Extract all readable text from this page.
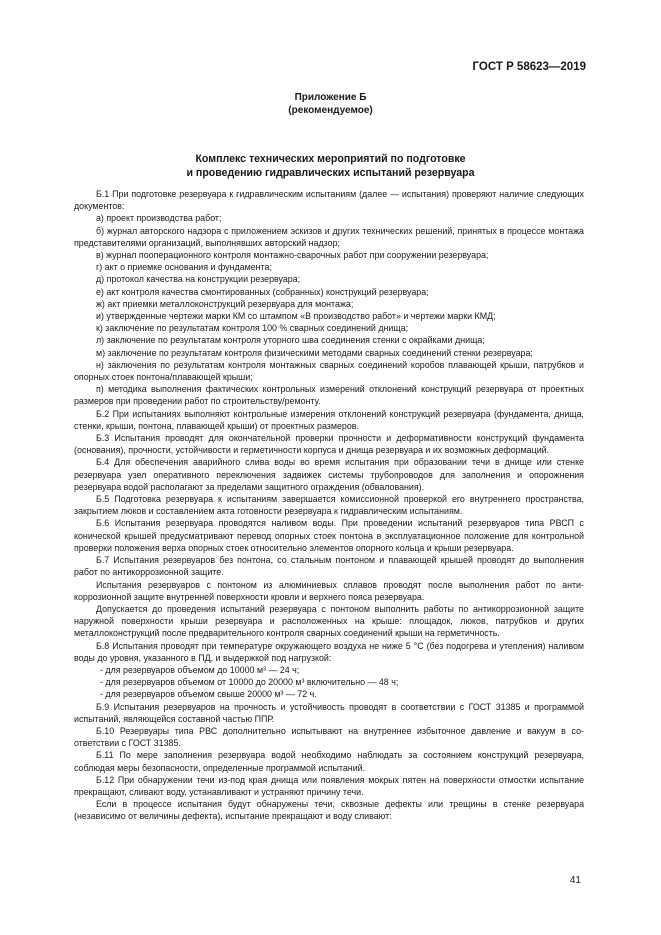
ГОСТ Р 58623—2019
Приложение Б
(рекомендуемое)
Комплекс технических мероприятий по подготовке
и проведению гидравлических испытаний резервуара

Б.1 При подготовке резервуара к гидравлическим испытаниям (далее — испытания) проверяют наличие следующих документов:

а) проект производства работ;

б) журнал авторского надзора с приложением эскизов и других технических решений, принятых в процессе монтажа представителями организаций, выполнявших авторский надзор;

в) журнал пооперационного контроля монтажно-сварочных работ при сооружении резервуара;

г) акт о приемке основания и фундамента;

д) протокол качества на конструкции резервуара;

е) акт контроля качества смонтированных (собранных) конструкций резервуара;

ж) акт приемки металлоконструкций резервуара для монтажа;

и) утвержденные чертежи марки КМ со штампом «В производство работ» и чертежи марки КМД;

к) заключение по результатам контроля 100 % сварных соединений днища;

л) заключение по результатам контроля уторного шва соединения стенки с окрайками днища;

м) заключение по результатам контроля физическими методами сварных соединений стенки резервуара;

н) заключения по результатам контроля монтажных сварных соединений коробов плавающей крыши, патрубков и опорных стоек понтона/плавающей крыши;

п) методика выполнения фактических контрольных измерений отклонений конструкций резервуара от проектных размеров при проведении работ по строительству/ремонту.

Б.2 При испытаниях выполняют контрольные измерения отклонений конструкций резервуара (фундамента, днища, стенки, крыши, понтона, плавающей крыши) от проектных размеров.

Б.3 Испытания проводят для окончательной проверки прочности и деформативности конструкций фундамента (основания), прочности, устойчивости и герметичности корпуса и днища резервуара и их возможных деформаций.

Б.4 Для обеспечения аварийного слива воды во время испытания при образовании течи в днище или стенке резервуара узел оперативного переключения задвижек системы трубопроводов для заполнения и опорожнения резервуара водой располагают за пределами защитного ограждения (обвалования).

Б.5 Подготовка резервуара к испытаниям завершается комиссионной проверкой его внутреннего пространства, закрытием люков и составлением акта готовности резервуара к гидравлическим испытаниям.

Б.6 Испытания резервуара проводятся наливом воды. При проведении испытаний резервуаров типа РВСП с конической крышей предусматривают перевод опорных стоек понтона в эксплуатационное положение для контрольной проверки положения верха опорных стоек относительно элементов опорного кольца и крыши резервуара.

Б.7 Испытания резервуаров без понтона, со стальным понтоном и плавающей крышей проводят до выполнения работ по антикоррозионной защите.

Испытания резервуаров с понтоном из алюминиевых сплавов проводят после выполнения работ по антикоррозионной защите внутренней поверхности кровли и верхнего пояса резервуара.

Допускается до проведения испытаний резервуара с понтоном выполнить работы по антикоррозионной защите наружной поверхности крыши резервуара и расположенных на крыше: площадок, люков, патрубков и других металлоконструкций после предварительного контроля сварных соединений крыши на герметичность.

Б.8 Испытания проводят при температуре окружающего воздуха не ниже 5 °С (без подогрева и утепления) наливом воды до уровня, указанного в ПД, и выдержкой под нагрузкой:

- для резервуаров объемом до 10000 м³ — 24 ч;

- для резервуаров объемом от 10000 до 20000 м³ включительно — 48 ч;

- для резервуаров объемом свыше 20000 м³ — 72 ч.

Б.9 Испытания резервуаров на прочность и устойчивость проводят в соответствии с ГОСТ 31385 и программой испытаний, являющейся составной частью ППР.

Б.10 Резервуары типа РВС дополнительно испытывают на внутреннее избыточное давление и вакуум в соответствии с ГОСТ 31385.

Б.11 По мере заполнения резервуара водой необходимо наблюдать за состоянием конструкций резервуара, соблюдая меры безопасности, определенные программой испытаний.

Б.12 При обнаружении течи из-под края днища или появления мокрых пятен на поверхности отмостки испытание прекращают, сливают воду, устанавливают и устраняют причину течи.

Если в процессе испытания будут обнаружены течи, сквозные дефекты или трещины в стенке резервуара (независимо от величины дефекта), испытание прекращают и воду сливают:

41
